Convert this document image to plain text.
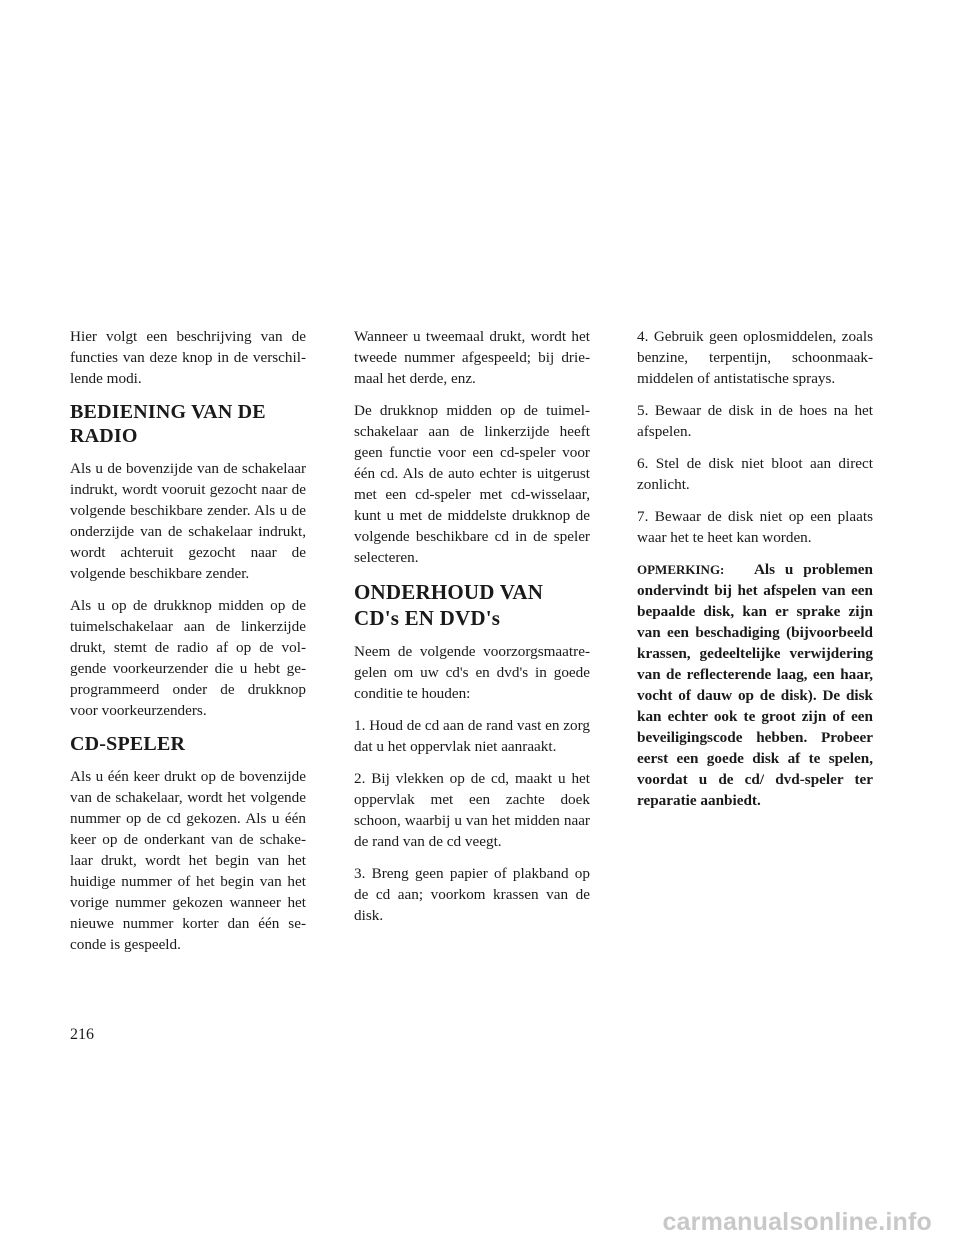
Hier volgt een beschrijving van de functies van deze knop in de verschillende modi.

BEDIENING VAN DE RADIO

Als u de bovenzijde van de schakelaar indrukt, wordt vooruit gezocht naar de volgende beschikbare zender. Als u de onderzijde van de schakelaar indrukt, wordt achteruit gezocht naar de volgende beschikbare zender.

Als u op de drukknop midden op de tuimelschakelaar aan de linkerzijde drukt, stemt de radio af op de volgende voorkeurzender die u hebt geprogrammeerd onder de drukknop voor voorkeurzenders.

CD-SPELER

Als u één keer drukt op de bovenzijde van de schakelaar, wordt het volgende nummer op de cd gekozen. Als u één keer op de onderkant van de schakelaar drukt, wordt het begin van het huidige nummer of het begin van het vorige nummer gekozen wanneer het nieuwe nummer korter dan één seconde is gespeeld.

Wanneer u tweemaal drukt, wordt het tweede nummer afgespeeld; bij driemaal het derde, enz.

De drukknop midden op de tuimelschakelaar aan de linkerzijde heeft geen functie voor een cd-speler voor één cd. Als de auto echter is uitgerust met een cd-speler met cd-wisselaar, kunt u met de middelste drukknop de volgende beschikbare cd in de speler selecteren.

ONDERHOUD VAN CD's EN DVD's

Neem de volgende voorzorgsmaatregelen om uw cd's en dvd's in goede conditie te houden:

1. Houd de cd aan de rand vast en zorg dat u het oppervlak niet aanraakt.

2. Bij vlekken op de cd, maakt u het oppervlak met een zachte doek schoon, waarbij u van het midden naar de rand van de cd veegt.

3. Breng geen papier of plakband op de cd aan; voorkom krassen van de disk.

4. Gebruik geen oplosmiddelen, zoals benzine, terpentijn, schoonmaakmiddelen of antistatische sprays.

5. Bewaar de disk in de hoes na het afspelen.

6. Stel de disk niet bloot aan direct zonlicht.

7. Bewaar de disk niet op een plaats waar het te heet kan worden.

OPMERKING: Als u problemen ondervindt bij het afspelen van een bepaalde disk, kan er sprake zijn van een beschadiging (bijvoorbeeld krassen, gedeeltelijke verwijdering van de reflecterende laag, een haar, vocht of dauw op de disk). De disk kan echter ook te groot zijn of een beveiligingscode hebben. Probeer eerst een goede disk af te spelen, voordat u de cd/ dvd-speler ter reparatie aanbiedt.

216
carmanualsonline.info
